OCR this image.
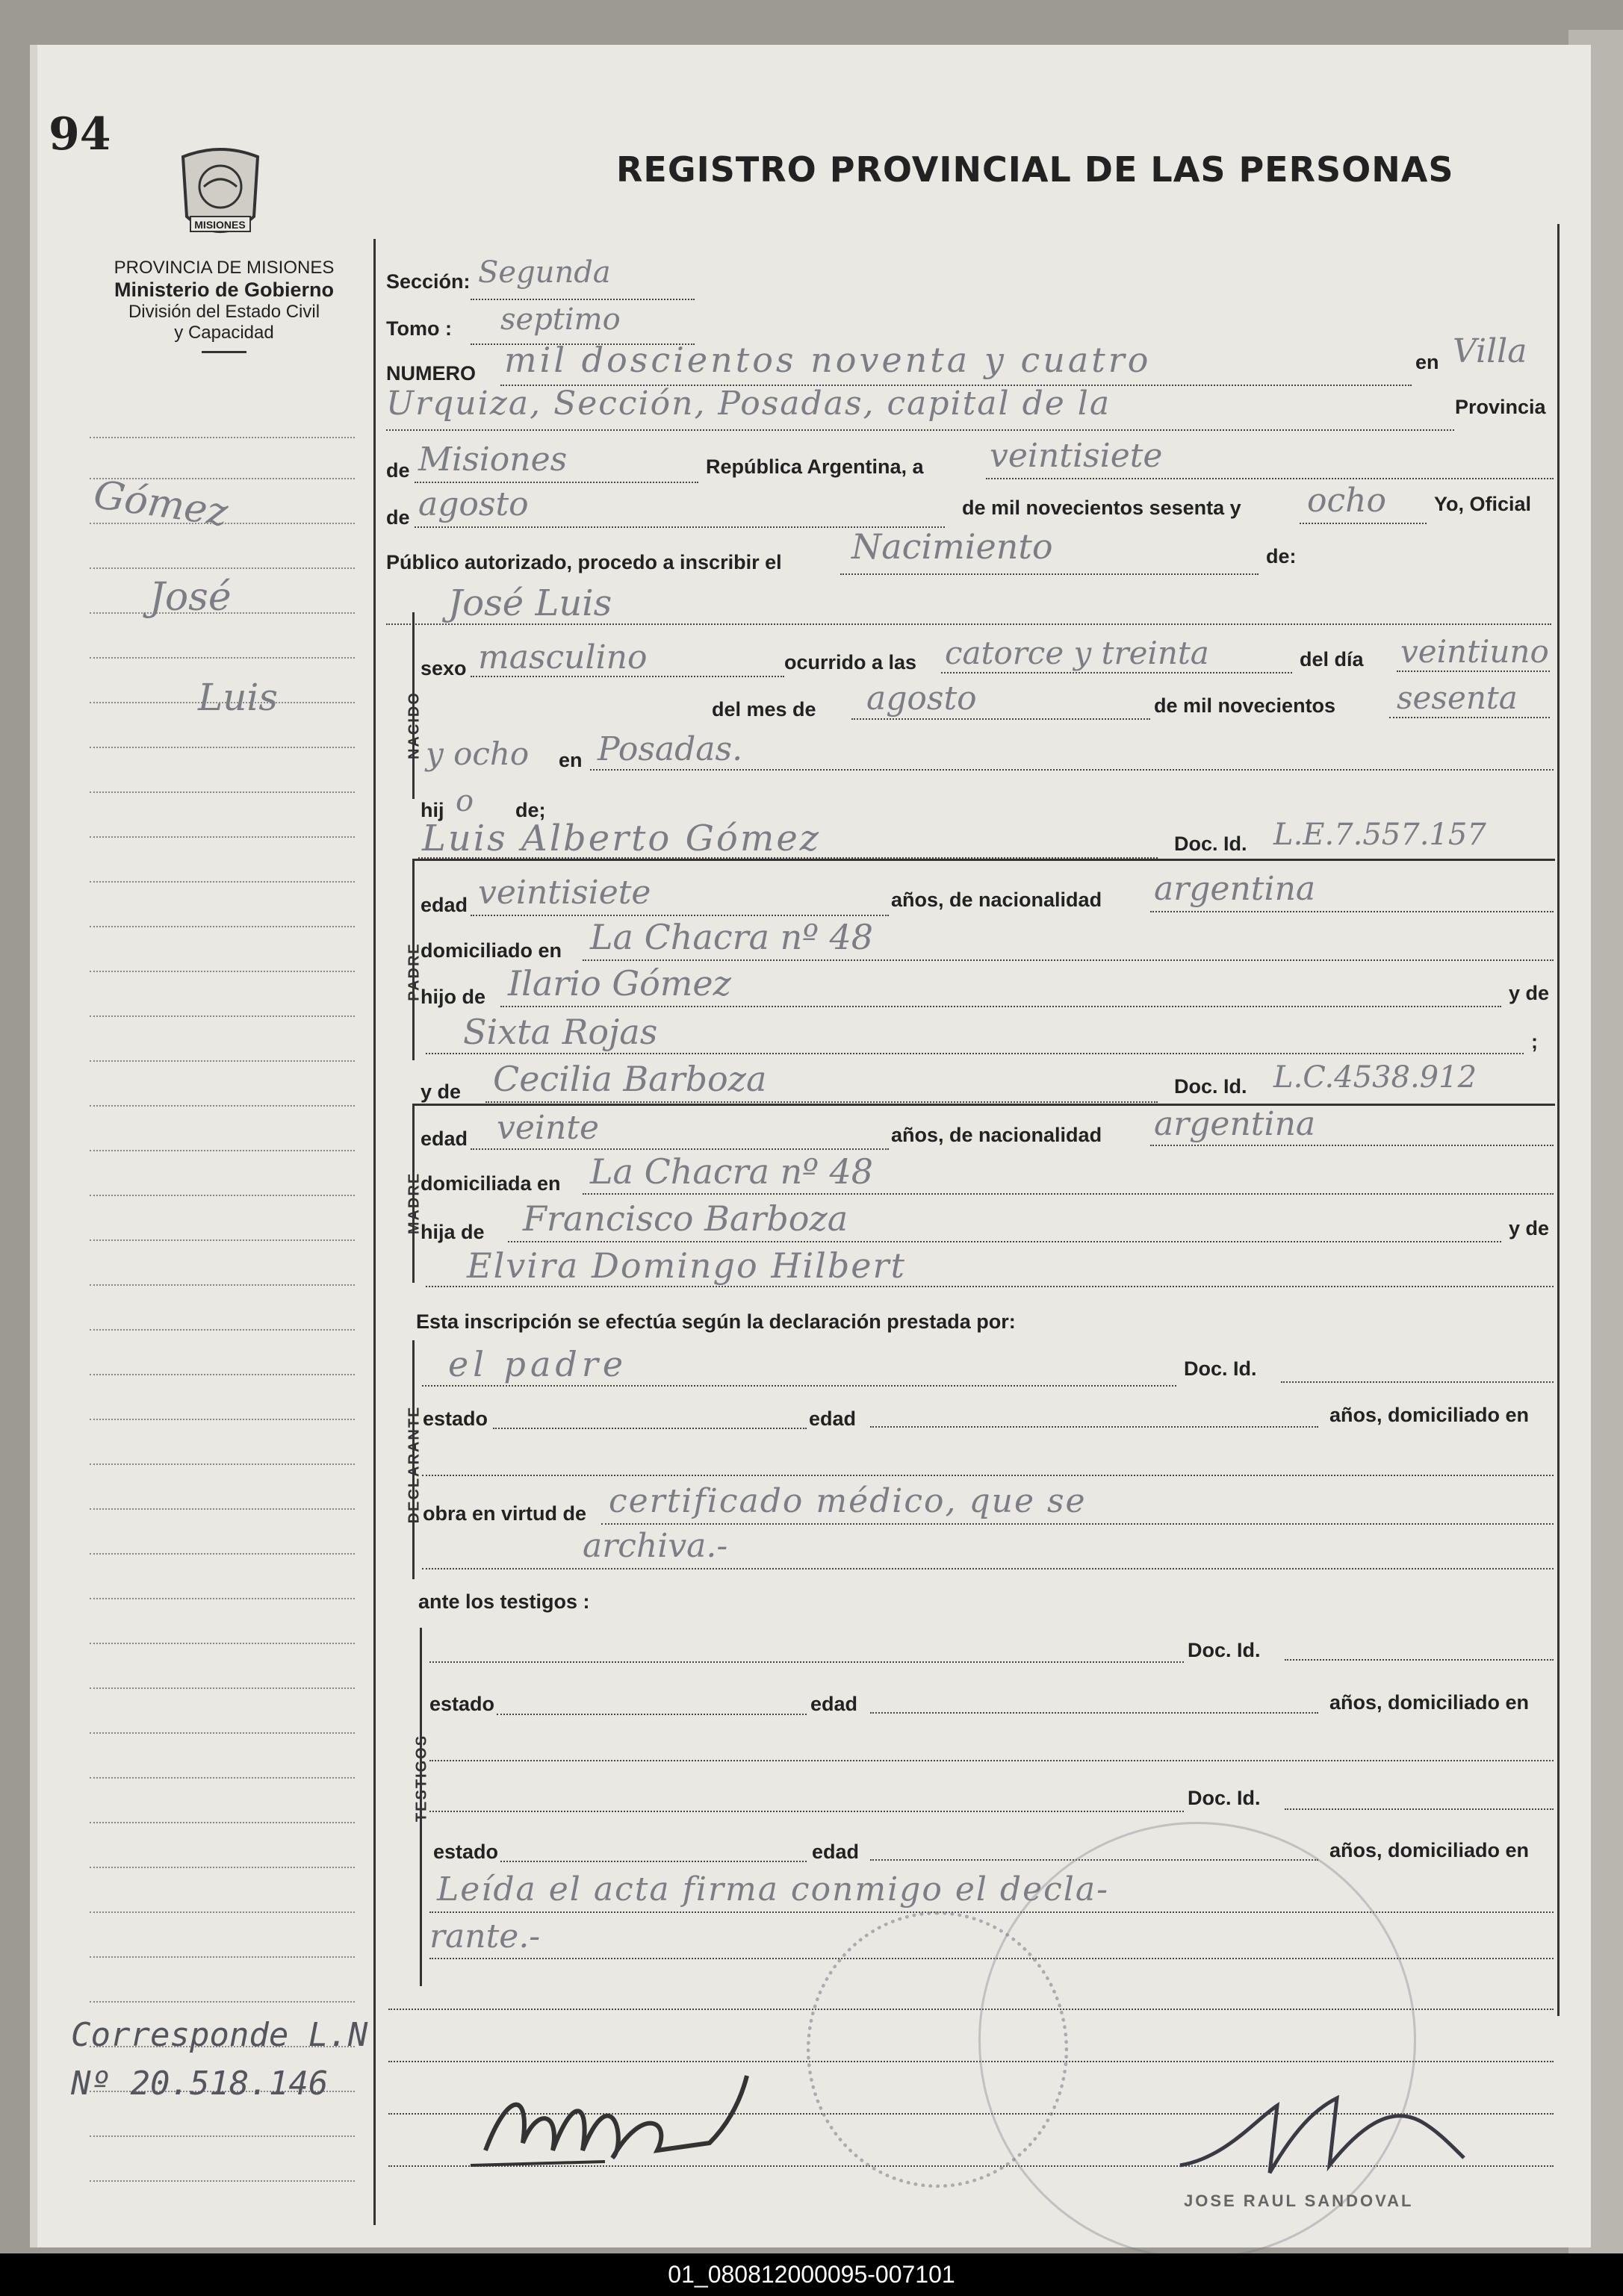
94
MISIONES
PROVINCIA DE MISIONES
Ministerio de Gobierno
División del Estado Civil
y Capacidad
REGISTRO PROVINCIAL DE LAS PERSONAS
Gómez
José
Luis
Corresponde L.N
Nº 20.518.146
Sección: Segunda
Tomo : septimo
NUMERO mil doscientos noventa y cuatro	en Villa
Urquiza, Sección, Posadas, capital de la	Provincia
de Misiones	República Argentina, a veintisiete
de agosto	de mil novecientos sesenta y ocho Yo, Oficial
Público autorizado, procedo a inscribir el Nacimiento	de:
José Luis
NACIDO
sexo masculino	ocurrido a las catorce y treinta	del día veintiuno
del mes de agosto	de mil novecientos sesenta
y ocho en Posadas.
hij o de;
Luis Alberto Gómez	Doc. Id. L.E.7.557.157
PADRE
edad veintisiete	años, de nacionalidad argentina
domiciliado en La Chacra nº 48
hijo de Ilario Gómez	y de
Sixta Rojas	;
y de Cecilia Barboza	Doc. Id. L.C.4538.912
MADRE
edad veinte	años, de nacionalidad argentina
domiciliada en La Chacra nº 48
hija de Francisco Barboza	y de
Elvira Domingo Hilbert
Esta inscripción se efectúa según la declaración prestada por:
DECLARANTE
el padre	Doc. Id.
estado	edad	años, domiciliado en
obra en virtud de certificado médico, que se
archiva.-
ante los testigos :
TESTIGOS
Doc. Id.
estado	edad	años, domiciliado en
Doc. Id.
estado	edad	años, domiciliado en
Leída el acta firma conmigo el decla-
rante.-
JOSE RAUL SANDOVAL
01_080812000095-007101
